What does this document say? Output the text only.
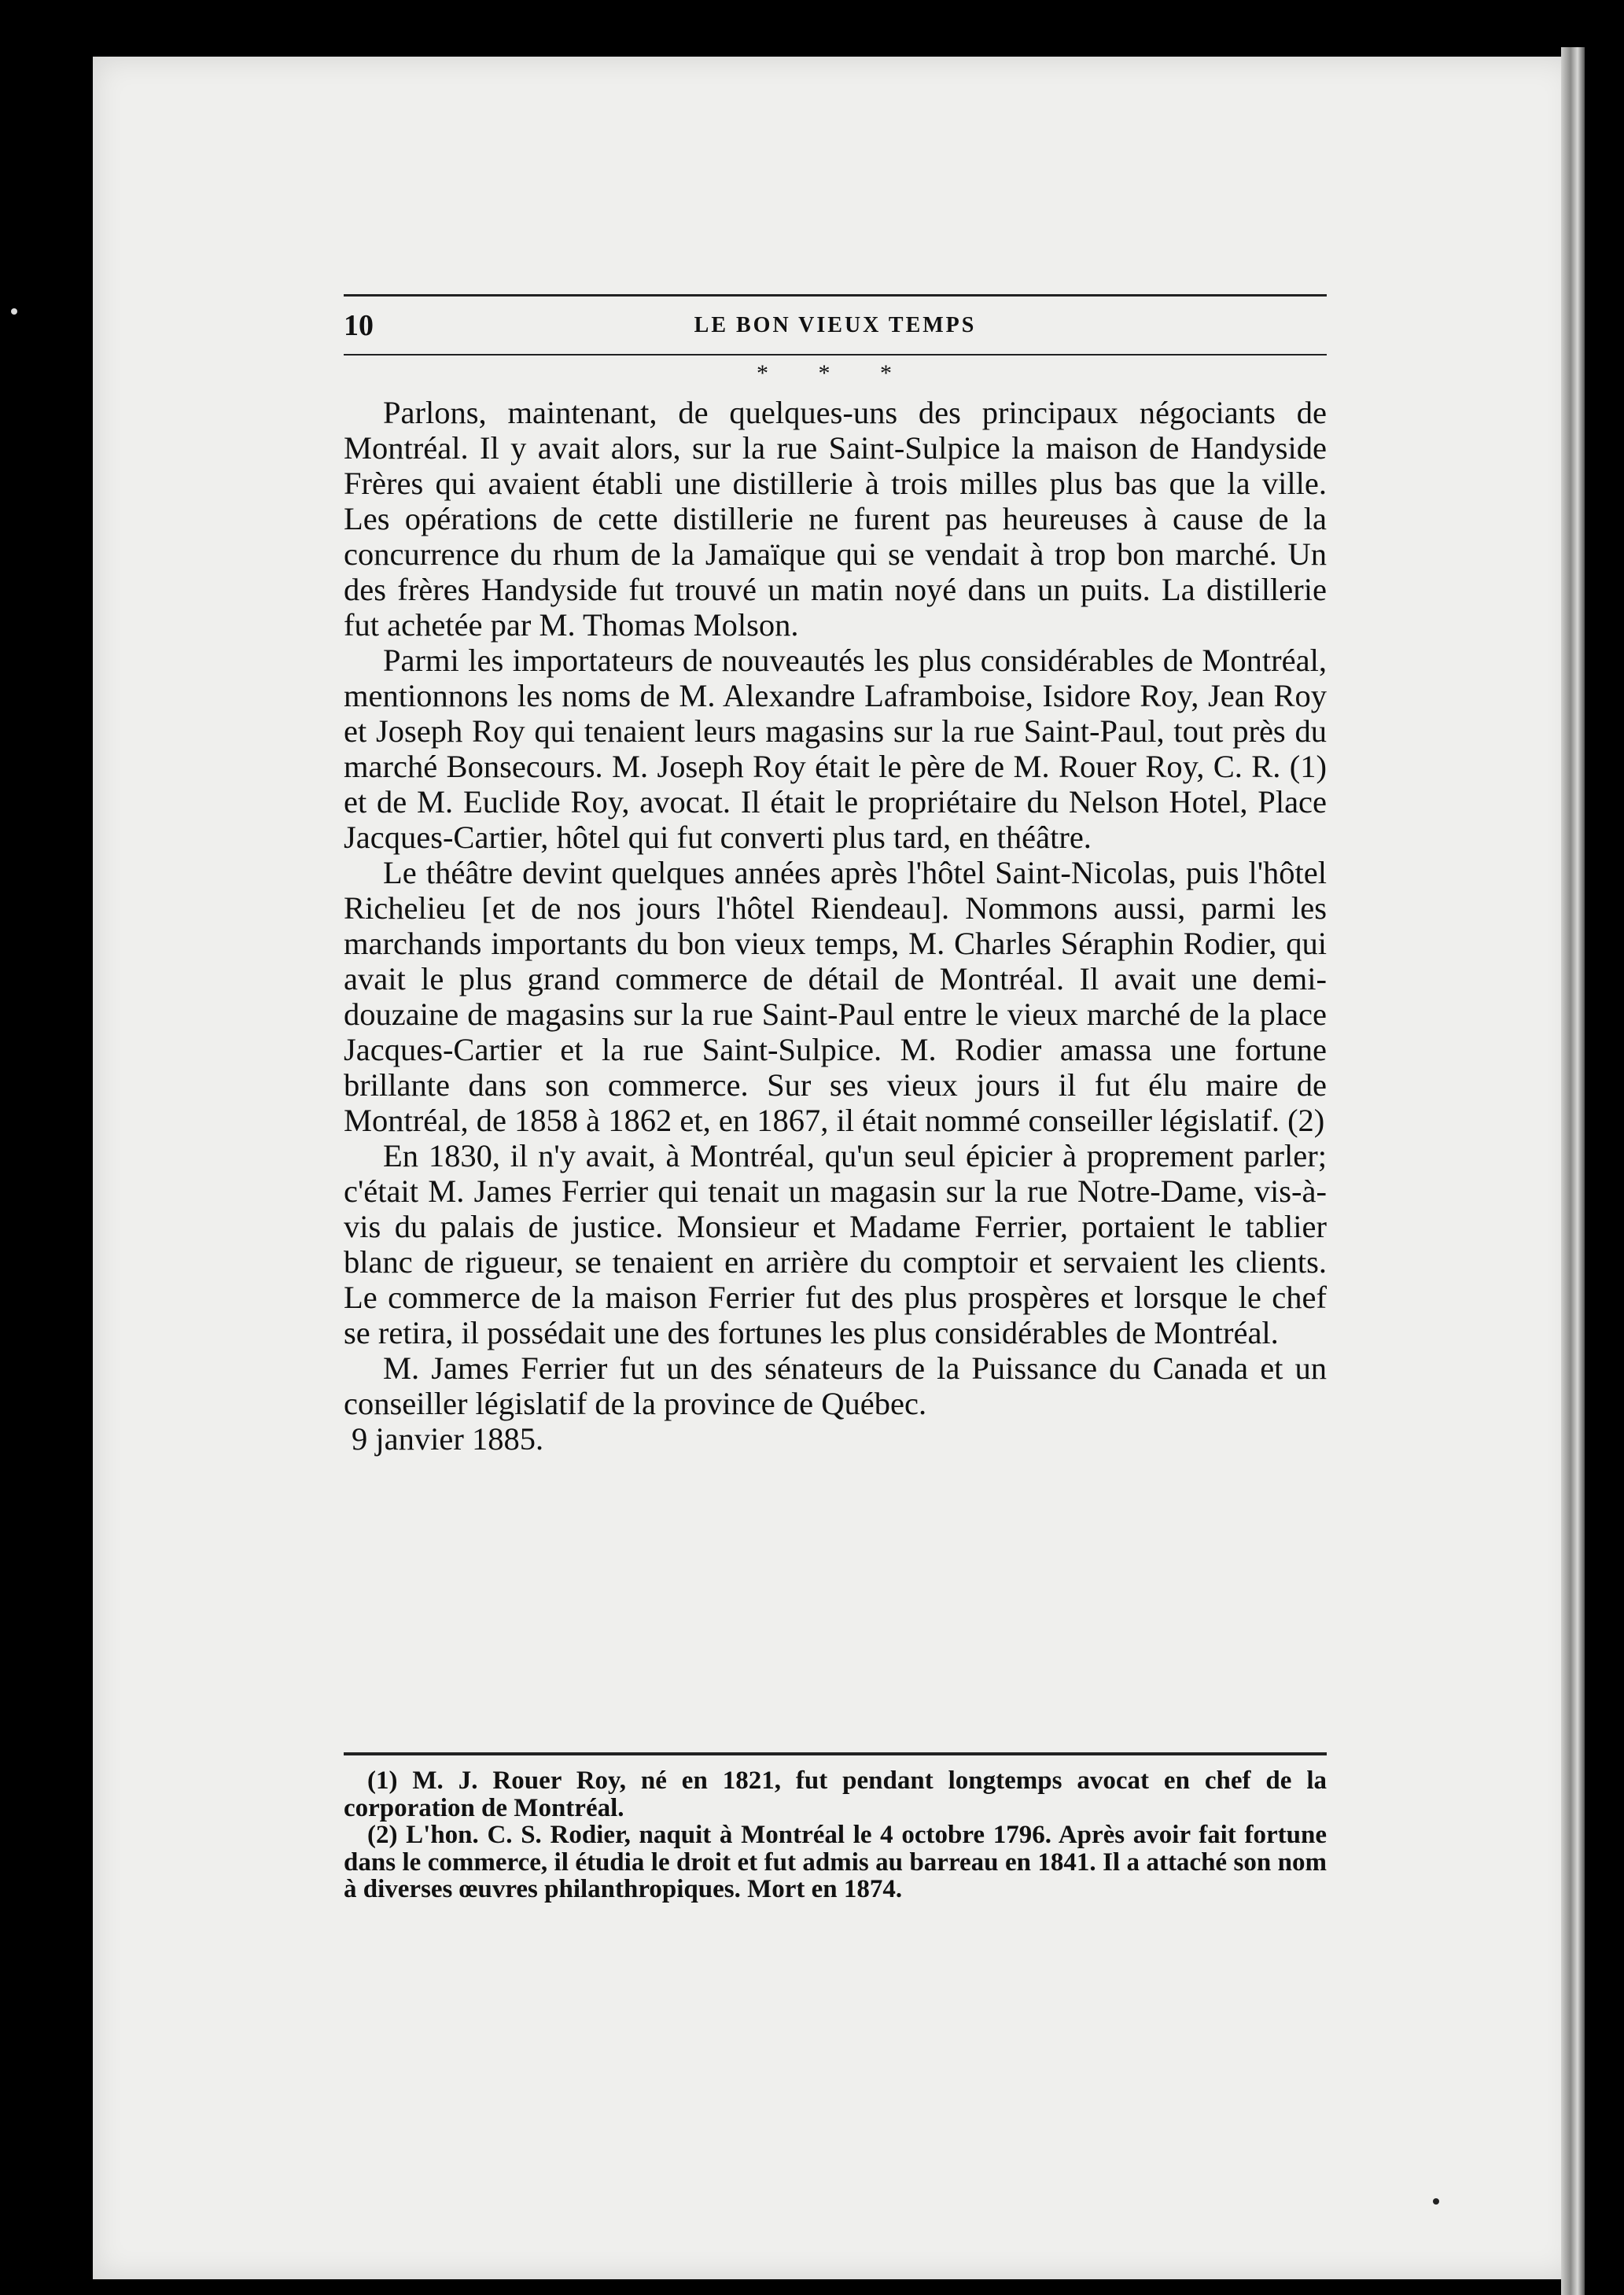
10	LE BON VIEUX TEMPS
* * *

Parlons, maintenant, de quelques-uns des principaux négociants de Montréal. Il y avait alors, sur la rue Saint-Sulpice la maison de Handyside Frères qui avaient établi une distillerie à trois milles plus bas que la ville. Les opérations de cette distillerie ne furent pas heureuses à cause de la concurrence du rhum de la Jamaïque qui se vendait à trop bon marché. Un des frères Handyside fut trouvé un matin noyé dans un puits. La distillerie fut achetée par M. Thomas Molson.

Parmi les importateurs de nouveautés les plus considérables de Montréal, mentionnons les noms de M. Alexandre Laframboise, Isidore Roy, Jean Roy et Joseph Roy qui tenaient leurs magasins sur la rue Saint-Paul, tout près du marché Bonsecours. M. Joseph Roy était le père de M. Rouer Roy, C. R. (1) et de M. Euclide Roy, avocat. Il était le propriétaire du Nelson Hotel, Place Jacques-Cartier, hôtel qui fut converti plus tard, en théâtre.

Le théâtre devint quelques années après l'hôtel Saint-Nicolas, puis l'hôtel Richelieu [et de nos jours l'hôtel Riendeau]. Nommons aussi, parmi les marchands importants du bon vieux temps, M. Charles Séraphin Rodier, qui avait le plus grand commerce de détail de Montréal. Il avait une demi-douzaine de magasins sur la rue Saint-Paul entre le vieux marché de la place Jacques-Cartier et la rue Saint-Sulpice. M. Rodier amassa une fortune brillante dans son commerce. Sur ses vieux jours il fut élu maire de Montréal, de 1858 à 1862 et, en 1867, il était nommé conseiller législatif. (2)

En 1830, il n'y avait, à Montréal, qu'un seul épicier à proprement parler; c'était M. James Ferrier qui tenait un magasin sur la rue Notre-Dame, vis-à-vis du palais de justice. Monsieur et Madame Ferrier, portaient le tablier blanc de rigueur, se tenaient en arrière du comptoir et servaient les clients. Le commerce de la maison Ferrier fut des plus prospères et lorsque le chef se retira, il possédait une des fortunes les plus considérables de Montréal.

M. James Ferrier fut un des sénateurs de la Puissance du Canada et un conseiller législatif de la province de Québec.

9 janvier 1885.

(1) M. J. Rouer Roy, né en 1821, fut pendant longtemps avocat en chef de la corporation de Montréal.

(2) L'hon. C. S. Rodier, naquit à Montréal le 4 octobre 1796. Après avoir fait fortune dans le commerce, il étudia le droit et fut admis au barreau en 1841. Il a attaché son nom à diverses œuvres philanthropiques. Mort en 1874.
